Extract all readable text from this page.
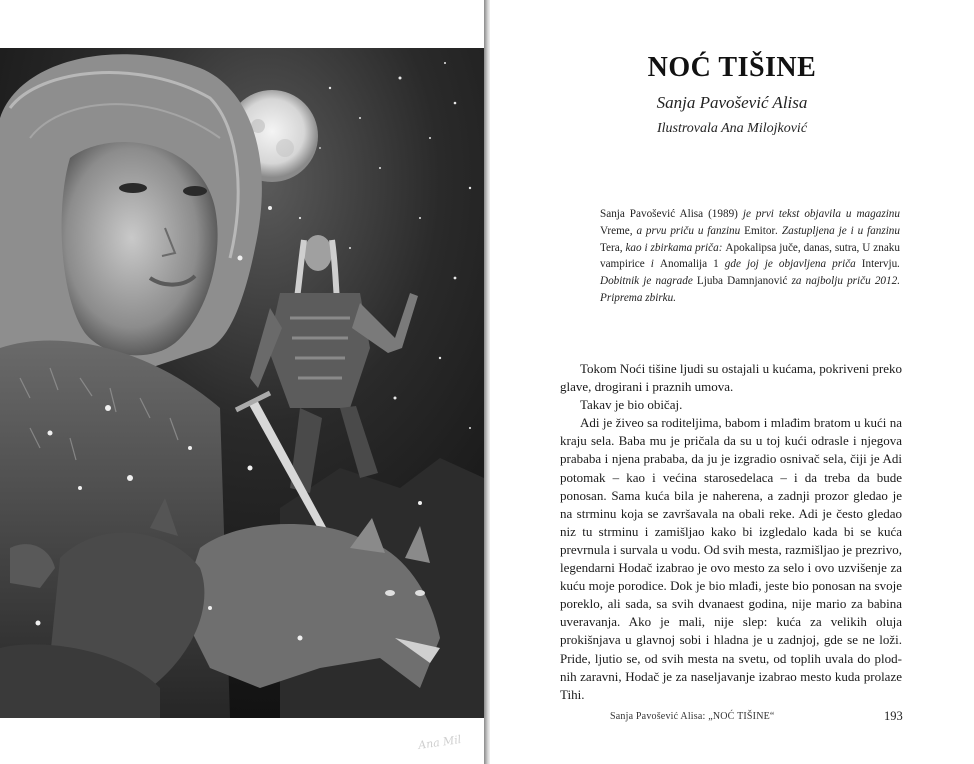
Ana Mil
NOĆ TIŠINE
Sanja Pavošević Alisa
Ilustrovala Ana Milojković

Sanja Pavošević Alisa (1989) je prvi tekst objavila u magazinu Vreme, a prvu priču u fanzinu Emitor. Zastupljena je i u fanzinu Tera, kao i zbirkama priča: Apokalipsa juče, danas, sutra, U znaku vampirice i Anomalija 1 gde joj je objavljena priča Intervju. Dobitnik je nagrade Ljuba Damnjanović za najbolju priču 2012. Priprema zbirku.

Tokom Noći tišine ljudi su ostajali u kućama, pokriveni preko glave, drogirani i praznih umova.

Takav je bio običaj.

Adi je živeo sa roditeljima, babom i mlađim bratom u kući na kraju sela. Baba mu je pričala da su u toj kući odrasle i njegova prababa i njena prababa, da ju je izgradio osnivač sela, čiji je Adi potomak – kao i većina starosedelaca – i da treba da bude ponosan. Sama kuća bila je naherena, a zadnji prozor gledao je na strminu koja se završavala na obali reke. Adi je često gledao niz tu strminu i zamišljao kako bi izgledalo kada bi se kuća prevrnula i survala u vodu. Od svih mesta, razmišljao je prezrivo, legendarni Hodač izabrao je ovo mesto za selo i ovo uzvišenje za kuću moje porodice. Dok je bio mlađi, jeste bio ponosan na svoje poreklo, ali sada, sa svih dvanaest godina, nije mario za babina uveravanja. Ako je mali, nije slep: kuća za velikih oluja prokišnjava u glavnoj sobi i hladna je u zadnjoj, gde se ne loži. Pride, ljutio se, od svih mesta na svetu, od toplih uvala do plodnih zaravni, Hodač je za naseljavanje izabrao mesto kuda prolaze Tihi.

Sanja Pavošević Alisa: „NOĆ TIŠINE“	193
